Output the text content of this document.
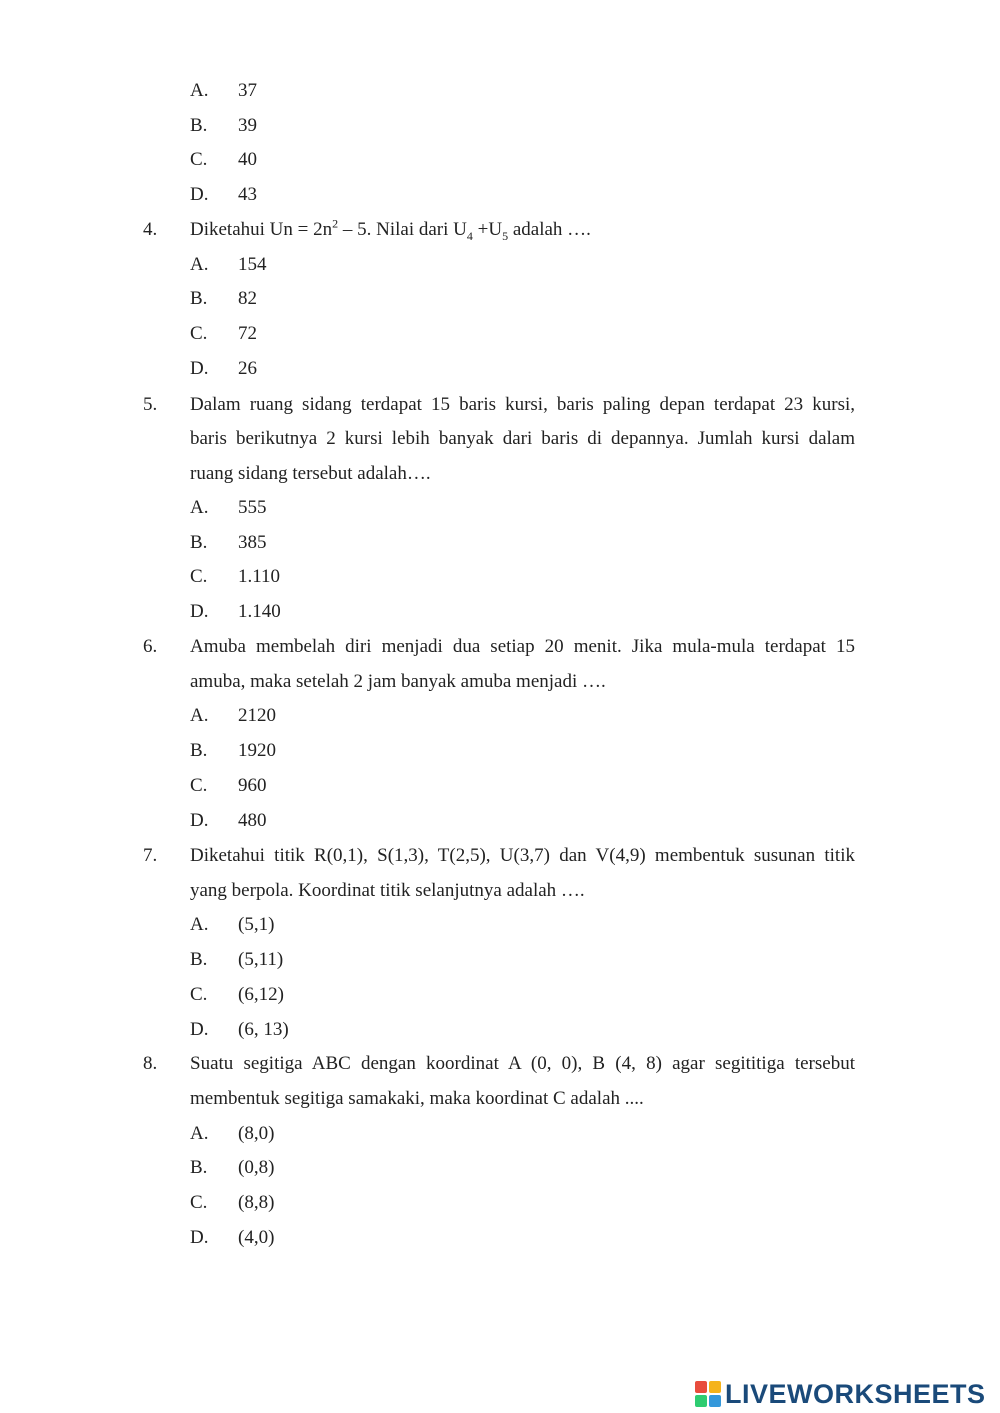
A. 37
B. 39
C. 40
D. 43
4. Diketahui $Un = 2n^2 - 5$. Nilai dari $U_4 +U_5$ adalah ….
A. 154
B. 82
C. 72
D. 26
5. Dalam ruang sidang terdapat 15 baris kursi, baris paling depan terdapat 23 kursi,
baris berikutnya 2 kursi lebih banyak dari baris di depannya. Jumlah kursi dalam
ruang sidang tersebut adalah….
A. 555
B. 385
C. 1.110
D. 1.140
6. Amuba membelah diri menjadi dua setiap 20 menit. Jika mula-mula terdapat 15
amuba, maka setelah 2 jam banyak amuba menjadi ….
A. 2120
B. 1920
C. 960
D. 480
7. Diketahui titik R(0,1), S(1,3), T(2,5), U(3,7) dan V(4,9) membentuk susunan titik
yang berpola. Koordinat titik selanjutnya adalah ….
A. (5,1)
B. (5,11)
C. (6,12)
D. (6, 13)
8. Suatu segitiga ABC dengan koordinat A (0, 0), B (4, 8) agar segititiga tersebut
membentuk segitiga samakaki, maka koordinat C adalah ....
A. (8,0)
B. (0,8)
C. (8,8)
D. (4,0)
LIVEWORKSHEETS
